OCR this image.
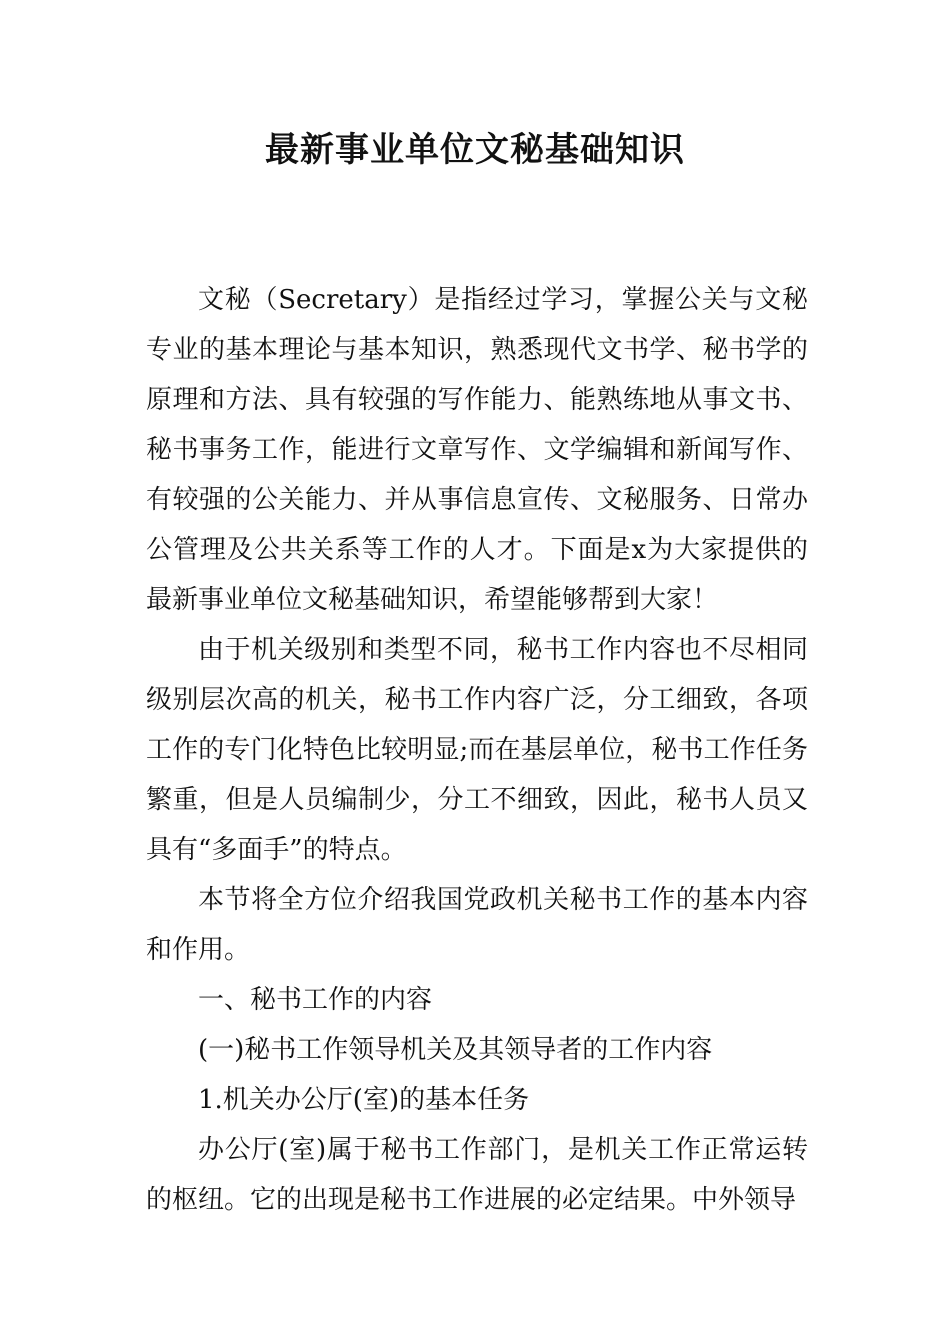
最新事业单位文秘基础知识

文秘（Secretary）是指经过学习，掌握公关与文秘专业的基本理论与基本知识，熟悉现代文书学、秘书学的原理和方法、具有较强的写作能力、能熟练地从事文书、秘书事务工作，能进行文章写作、文学编辑和新闻写作、有较强的公关能力、并从事信息宣传、文秘服务、日常办公管理及公共关系等工作的人才。下面是x为大家提供的最新事业单位文秘基础知识，希望能够帮到大家！

由于机关级别和类型不同，秘书工作内容也不尽相同级别层次高的机关，秘书工作内容广泛，分工细致，各项工作的专门化特色比较明显;而在基层单位，秘书工作任务繁重，但是人员编制少，分工不细致，因此，秘书人员又具有“多面手”的特点。

本节将全方位介绍我国党政机关秘书工作的基本内容和作用。

一、秘书工作的内容

(一)秘书工作领导机关及其领导者的工作内容

1.机关办公厅(室)的基本任务

办公厅(室)属于秘书工作部门，是机关工作正常运转的枢纽。它的出现是秘书工作进展的必定结果。中外领导
